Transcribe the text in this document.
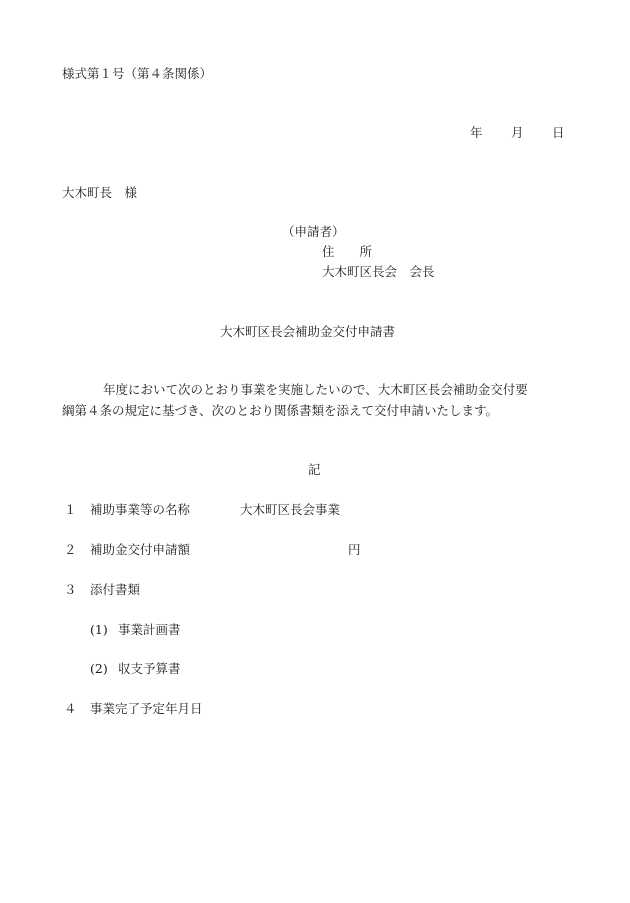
様式第１号（第４条関係）
年 月 日
大木町長　様
（申請者）
住　　所
大木町区長会　会長
大木町区長会補助金交付申請書
年度において次のとおり事業を実施したいので、大木町区長会補助金交付要
綱第４条の規定に基づき、次のとおり関係書類を添えて交付申請いたします。
記
１ 補助事業等の名称	大木町区長会事業
２ 補助金交付申請額	円
３ 添付書類
(1) 事業計画書
(2) 収支予算書
４ 事業完了予定年月日
